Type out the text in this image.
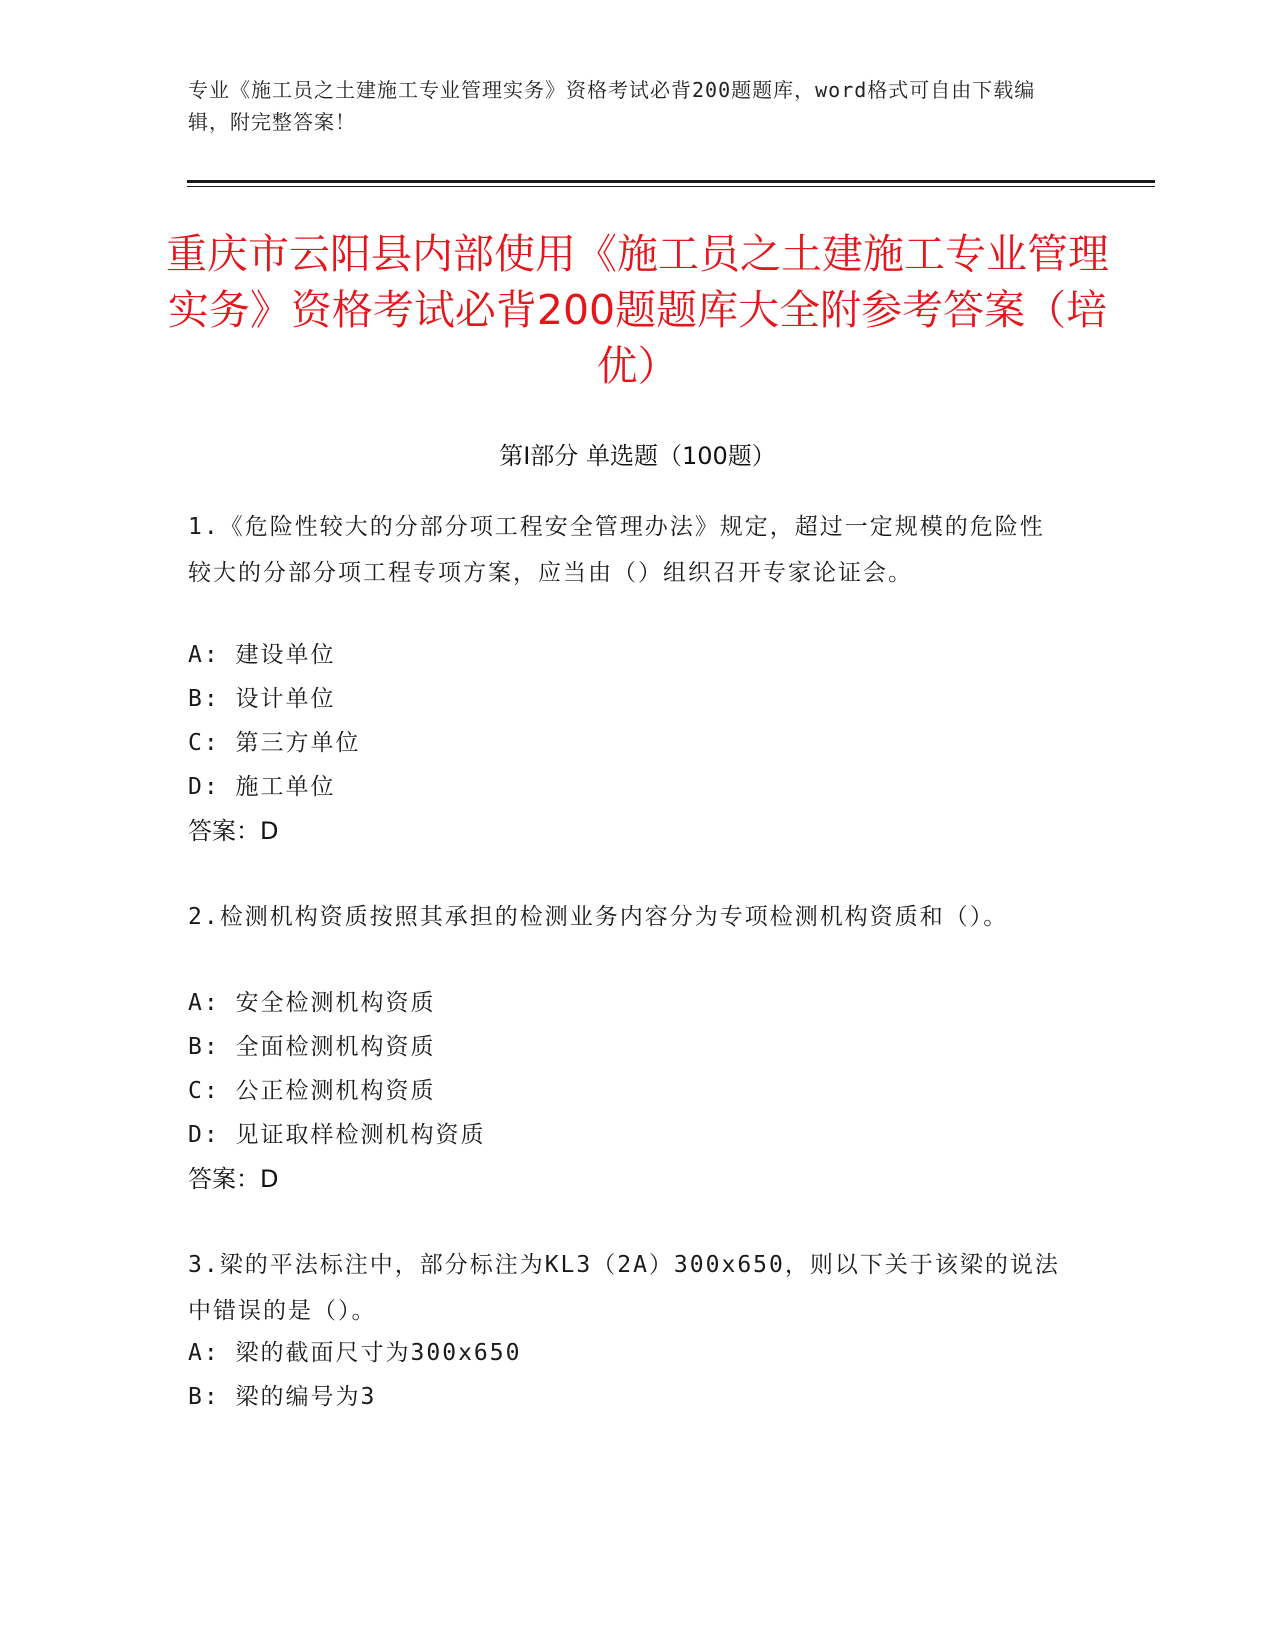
专业《施工员之土建施工专业管理实务》资格考试必背200题题库，word格式可自由下载编辑，附完整答案！
重庆市云阳县内部使用《施工员之土建施工专业管理实务》资格考试必背200题题库大全附参考答案（培优）
第I部分 单选题（100题）
1.《危险性较大的分部分项工程安全管理办法》规定，超过一定规模的危险性较大的分部分项工程专项方案，应当由（）组织召开专家论证会。
A: 建设单位
B: 设计单位
C: 第三方单位
D: 施工单位
答案：D
2.检测机构资质按照其承担的检测业务内容分为专项检测机构资质和（）。
A: 安全检测机构资质
B: 全面检测机构资质
C: 公正检测机构资质
D: 见证取样检测机构资质
答案：D
3.梁的平法标注中，部分标注为KL3（2A）300x650，则以下关于该梁的说法中错误的是（）。
A: 梁的截面尺寸为300x650
B: 梁的编号为3
